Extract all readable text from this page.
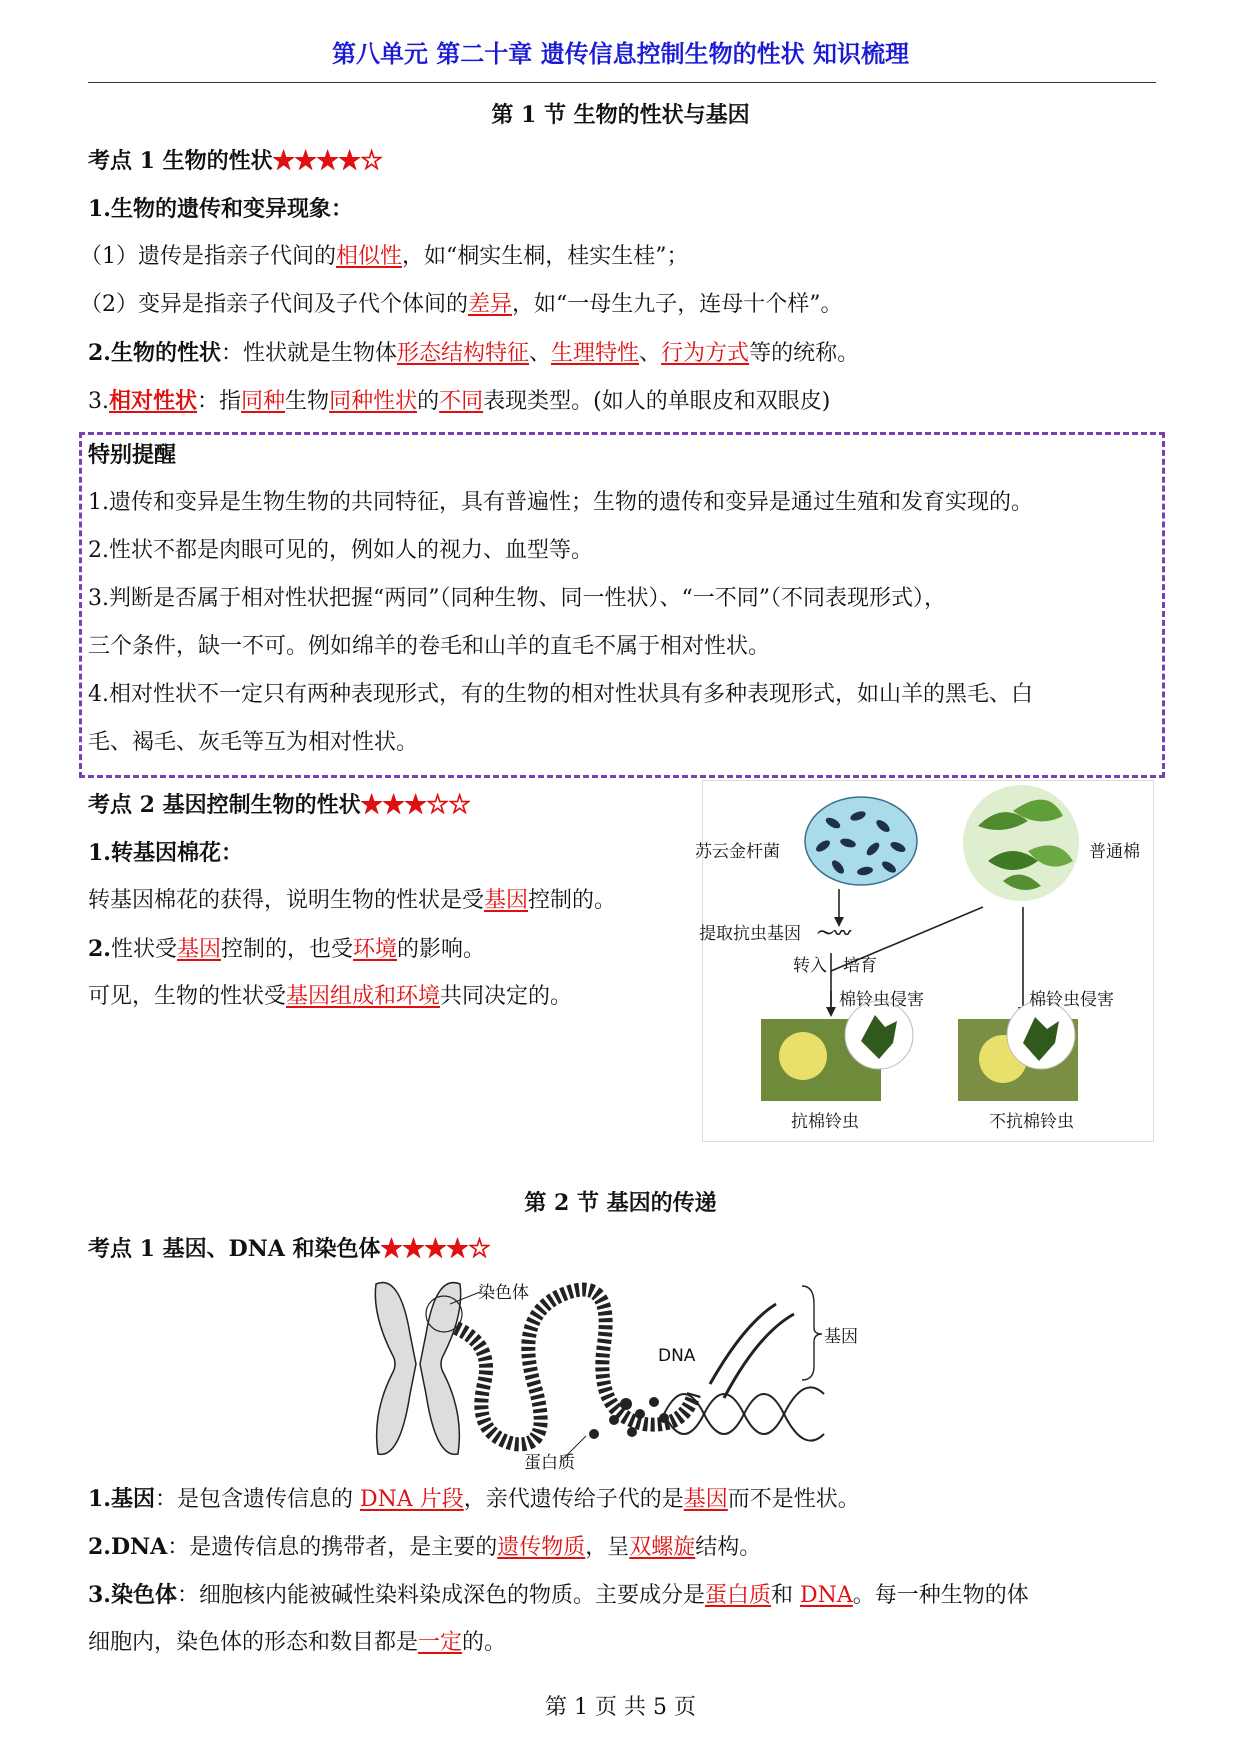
第八单元 第二十章 遗传信息控制生物的性状 知识梳理
第 1 节 生物的性状与基因
考点 1 生物的性状★★★★☆
1.生物的遗传和变异现象：
（1）遗传是指亲子代间的相似性，如“桐实生桐，桂实生桂”；
（2）变异是指亲子代间及子代个体间的差异，如“一母生九子，连母十个样”。
2.生物的性状：性状就是生物体形态结构特征、生理特性、行为方式等的统称。
3.相对性状：指同种生物同种性状的不同表现类型。(如人的单眼皮和双眼皮)
特别提醒
1.遗传和变异是生物生物的共同特征，具有普遍性；生物的遗传和变异是通过生殖和发育实现的。
2.性状不都是肉眼可见的，例如人的视力、血型等。
3.判断是否属于相对性状把握“两同”（同种生物、同一性状）、“一不同”（不同表现形式），
三个条件，缺一不可。例如绵羊的卷毛和山羊的直毛不属于相对性状。
4.相对性状不一定只有两种表现形式，有的生物的相对性状具有多种表现形式，如山羊的黑毛、白
毛、褐毛、灰毛等互为相对性状。
考点 2 基因控制生物的性状★★★☆☆
1.转基因棉花：
转基因棉花的获得，说明生物的性状是受基因控制的。
2.性状受基因控制的，也受环境的影响。
可见，生物的性状受基因组成和环境共同决定的。
苏云金杆菌	普通棉
提取抗虫基因 ～〰
转入 培育
棉铃虫侵害	棉铃虫侵害
抗棉铃虫	不抗棉铃虫
第 2 节 基因的传递
考点 1 基因、DNA 和染色体★★★★☆
染色体
DNA
基因
蛋白质
1.基因：是包含遗传信息的 DNA 片段，亲代遗传给子代的是基因而不是性状。
2.DNA：是遗传信息的携带者，是主要的遗传物质，呈双螺旋结构。
3.染色体：细胞核内能被碱性染料染成深色的物质。主要成分是蛋白质和 DNA。每一种生物的体
细胞内，染色体的形态和数目都是一定的。
第 1 页 共 5 页
